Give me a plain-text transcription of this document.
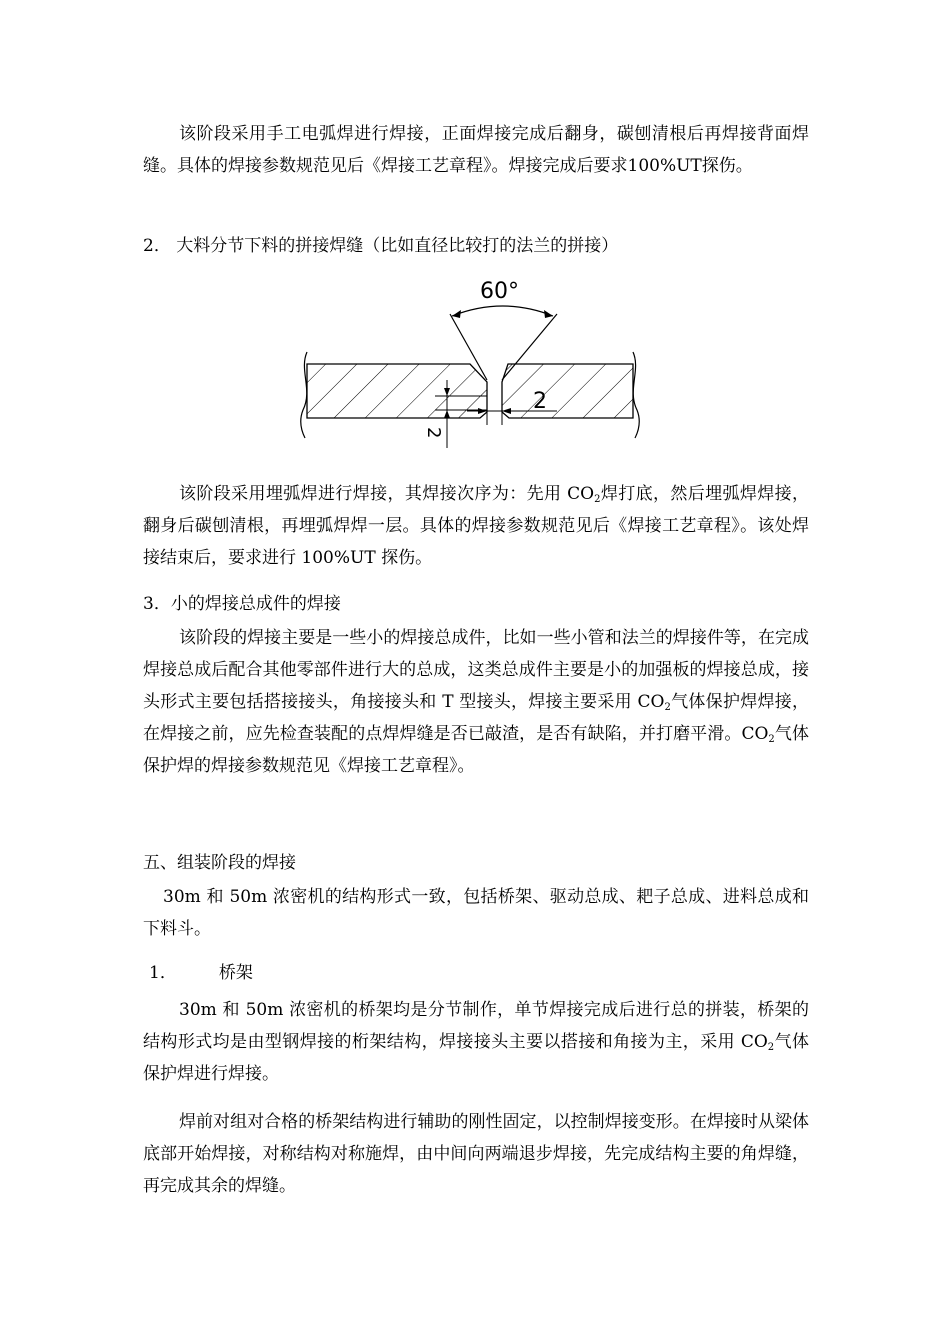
该阶段采用手工电弧焊进行焊接，正面焊接完成后翻身，碳刨清根后再焊接背面焊缝。具体的焊接参数规范见后《焊接工艺章程》。焊接完成后要求100%UT探伤。

2． 大料分节下料的拼接焊缝（比如直径比较打的法兰的拼接）

60°
2
2

该阶段采用埋弧焊进行焊接，其焊接次序为：先用 $CO_2$焊打底，然后埋弧焊焊接，翻身后碳刨清根，再埋弧焊焊一层。具体的焊接参数规范见后《焊接工艺章程》。该处焊接结束后，要求进行 100%UT 探伤。

3．小的焊接总成件的焊接

该阶段的焊接主要是一些小的焊接总成件，比如一些小管和法兰的焊接件等，在完成焊接总成后配合其他零部件进行大的总成，这类总成件主要是小的加强板的焊接总成，接头形式主要包括搭接接头，角接接头和 T 型接头，焊接主要采用 $CO_2$气体保护焊焊接，在焊接之前，应先检查装配的点焊焊缝是否已敲渣，是否有缺陷，并打磨平滑。$CO_2$气体保护焊的焊接参数规范见《焊接工艺章程》。

五、组装阶段的焊接

30m 和 50m 浓密机的结构形式一致，包括桥架、驱动总成、耙子总成、进料总成和下料斗。

1． 桥架

30m 和 50m 浓密机的桥架均是分节制作，单节焊接完成后进行总的拼装，桥架的结构形式均是由型钢焊接的桁架结构，焊接接头主要以搭接和角接为主，采用 $CO_2$气体保护焊进行焊接。

焊前对组对合格的桥架结构进行辅助的刚性固定，以控制焊接变形。在焊接时从梁体底部开始焊接，对称结构对称施焊，由中间向两端退步焊接，先完成结构主要的角焊缝，再完成其余的焊缝。
